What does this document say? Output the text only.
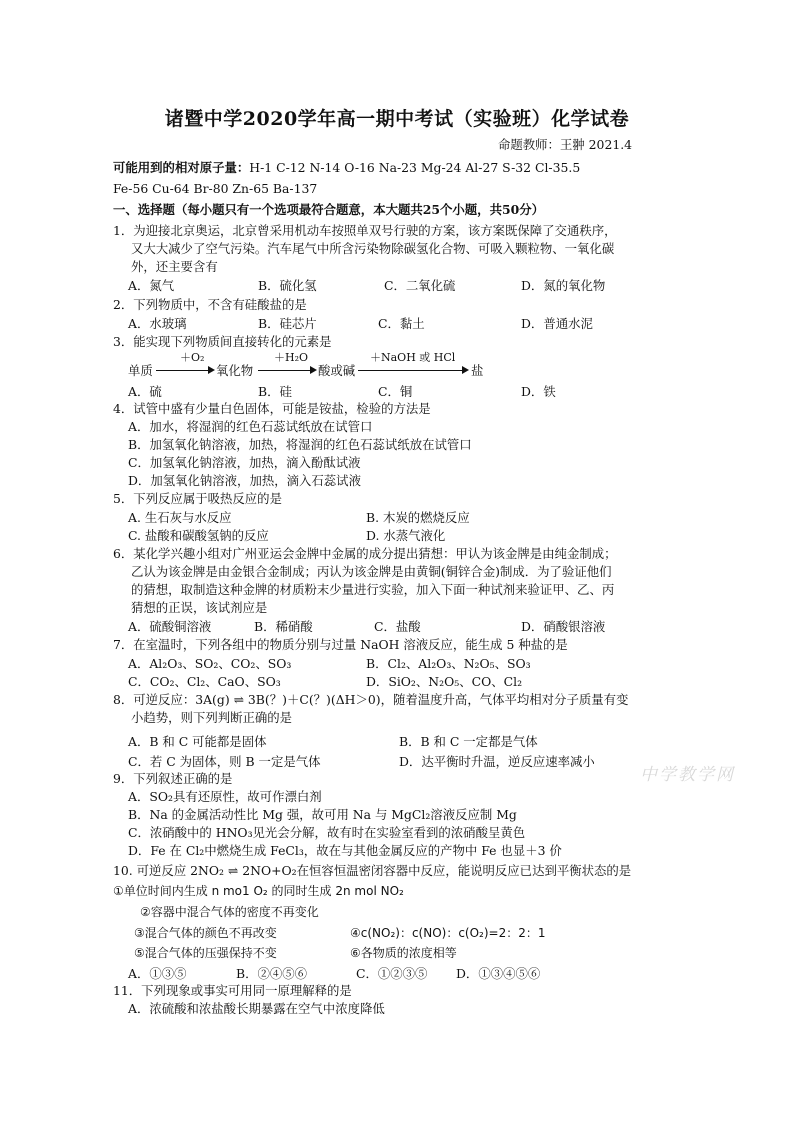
诸暨中学2020学年高一期中考试（实验班）化学试卷
命题教师：王翀 2021.4
可能用到的相对原子量：H-1 C-12 N-14 O-16 Na-23 Mg-24 Al-27 S-32 Cl-35.5
Fe-56 Cu-64 Br-80 Zn-65 Ba-137
一、选择题（每小题只有一个选项最符合题意，本大题共25个小题，共50分）
1．为迎接北京奥运，北京曾采用机动车按照单双号行驶的方案，该方案既保障了交通秩序，
又大大减少了空气污染。汽车尾气中所含污染物除碳氢化合物、可吸入颗粒物、一氧化碳
外，还主要含有
A．氮气	B．硫化氢	C．二氧化硫	D．氮的氧化物
2．下列物质中，不含有硅酸盐的是
A．水玻璃	B．硅芯片	C．黏土	D．普通水泥
3．能实现下列物质间直接转化的元素是
单质
＋O₂
氧化物
＋H₂O
酸或碱
＋NaOH 或 HCl
盐
A．硫	B．硅	C．铜	D．铁
4．试管中盛有少量白色固体，可能是铵盐，检验的方法是
A．加水，将湿润的红色石蕊试纸放在试管口
B．加氢氧化钠溶液，加热，将湿润的红色石蕊试纸放在试管口
C．加氢氧化钠溶液，加热，滴入酚酞试液
D．加氢氧化钠溶液，加热，滴入石蕊试液
5．下列反应属于吸热反应的是
A. 生石灰与水反应	B. 木炭的燃烧反应
C. 盐酸和碳酸氢钠的反应	D. 水蒸气液化
6．某化学兴趣小组对广州亚运会金牌中金属的成分提出猜想：甲认为该金牌是由纯金制成；
乙认为该金牌是由金银合金制成；丙认为该金牌是由黄铜(铜锌合金)制成．为了验证他们
的猜想，取制造这种金牌的材质粉末少量进行实验，加入下面一种试剂来验证甲、乙、丙
猜想的正误，该试剂应是
A．硫酸铜溶液	B．稀硝酸	C．盐酸	D．硝酸银溶液
7．在室温时，下列各组中的物质分别与过量 NaOH 溶液反应，能生成 5 种盐的是
A．Al₂O₃、SO₂、CO₂、SO₃	B．Cl₂、Al₂O₃、N₂O₅、SO₃
C．CO₂、Cl₂、CaO、SO₃	D．SiO₂、N₂O₅、CO、Cl₂
8．可逆反应：3A(g) ⇌ 3B(？)＋C(？)(ΔH＞0)，随着温度升高，气体平均相对分子质量有变
小趋势，则下列判断正确的是
A．B 和 C 可能都是固体	B．B 和 C 一定都是气体
C．若 C 为固体，则 B 一定是气体	D．达平衡时升温，逆反应速率减小
9．下列叙述正确的是
A．SO₂具有还原性，故可作漂白剂
B．Na 的金属活动性比 Mg 强，故可用 Na 与 MgCl₂溶液反应制 Mg
C．浓硝酸中的 HNO₃见光会分解，故有时在实验室看到的浓硝酸呈黄色
D．Fe 在 Cl₂中燃烧生成 FeCl₃，故在与其他金属反应的产物中 Fe 也显＋3 价
10. 可逆反应 2NO₂ ⇌ 2NO+O₂在恒容恒温密闭容器中反应，能说明反应已达到平衡状态的是
①单位时间内生成 n mo1 O₂ 的同时生成 2n mol NO₂
②容器中混合气体的密度不再变化
③混合气体的颜色不再改变	④c(NO₂)：c(NO)：c(O₂)=2：2：1
⑤混合气体的压强保持不变	⑥各物质的浓度相等
A．①③⑤	B．②④⑤⑥	C．①②③⑤ D．①③④⑤⑥
11．下列现象或事实可用同一原理解释的是
A．浓硫酸和浓盐酸长期暴露在空气中浓度降低
中学教学网
